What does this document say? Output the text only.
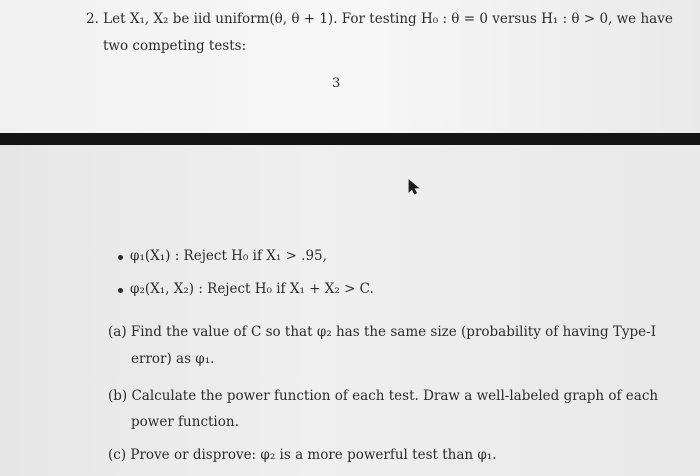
2. Let X₁, X₂ be iid uniform(θ, θ + 1). For testing H₀ : θ = 0 versus H₁ : θ > 0, we have
two competing tests:
3
φ₁(X₁) : Reject H₀ if X₁ > .95,
φ₂(X₁, X₂) : Reject H₀ if X₁ + X₂ > C.
(a) Find the value of C so that φ₂ has the same size (probability of having Type-I
error) as φ₁.
(b) Calculate the power function of each test. Draw a well-labeled graph of each
power function.
(c) Prove or disprove: φ₂ is a more powerful test than φ₁.
